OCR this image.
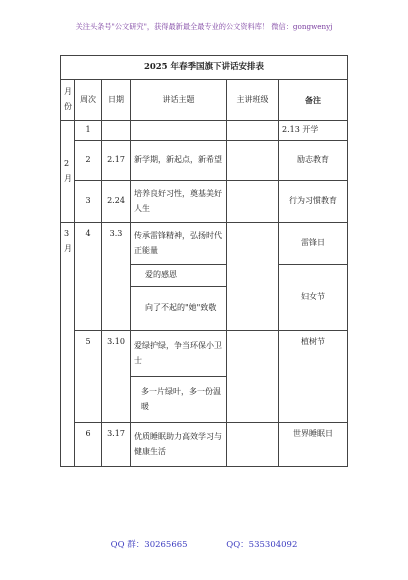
关注头条号"公文研究"，获得最新最全最专业的公文资料库！ 微信：gongwenyj
2025 年春季国旗下讲话安排表					
月份	周次	日期	讲话主题	主讲班级	备注
2 月	1				2.13 开学
	2	2.17	新学期，新起点，新希望		励志教育
	3	2.24	培养良好习性，奠基美好人生		行为习惯教育
3 月	4	3.3	传承雷锋精神，弘扬时代正能量		雷锋日
			爱的感恩		妇女节
			向了不起的"她"致敬		
	5	3.10	爱绿护绿，争当环保小卫士		植树节
			多一片绿叶，多一份温暖		
	6	3.17	优质睡眠助力高效学习与健康生活		世界睡眠日
QQ 群：30265665	QQ：535304092
